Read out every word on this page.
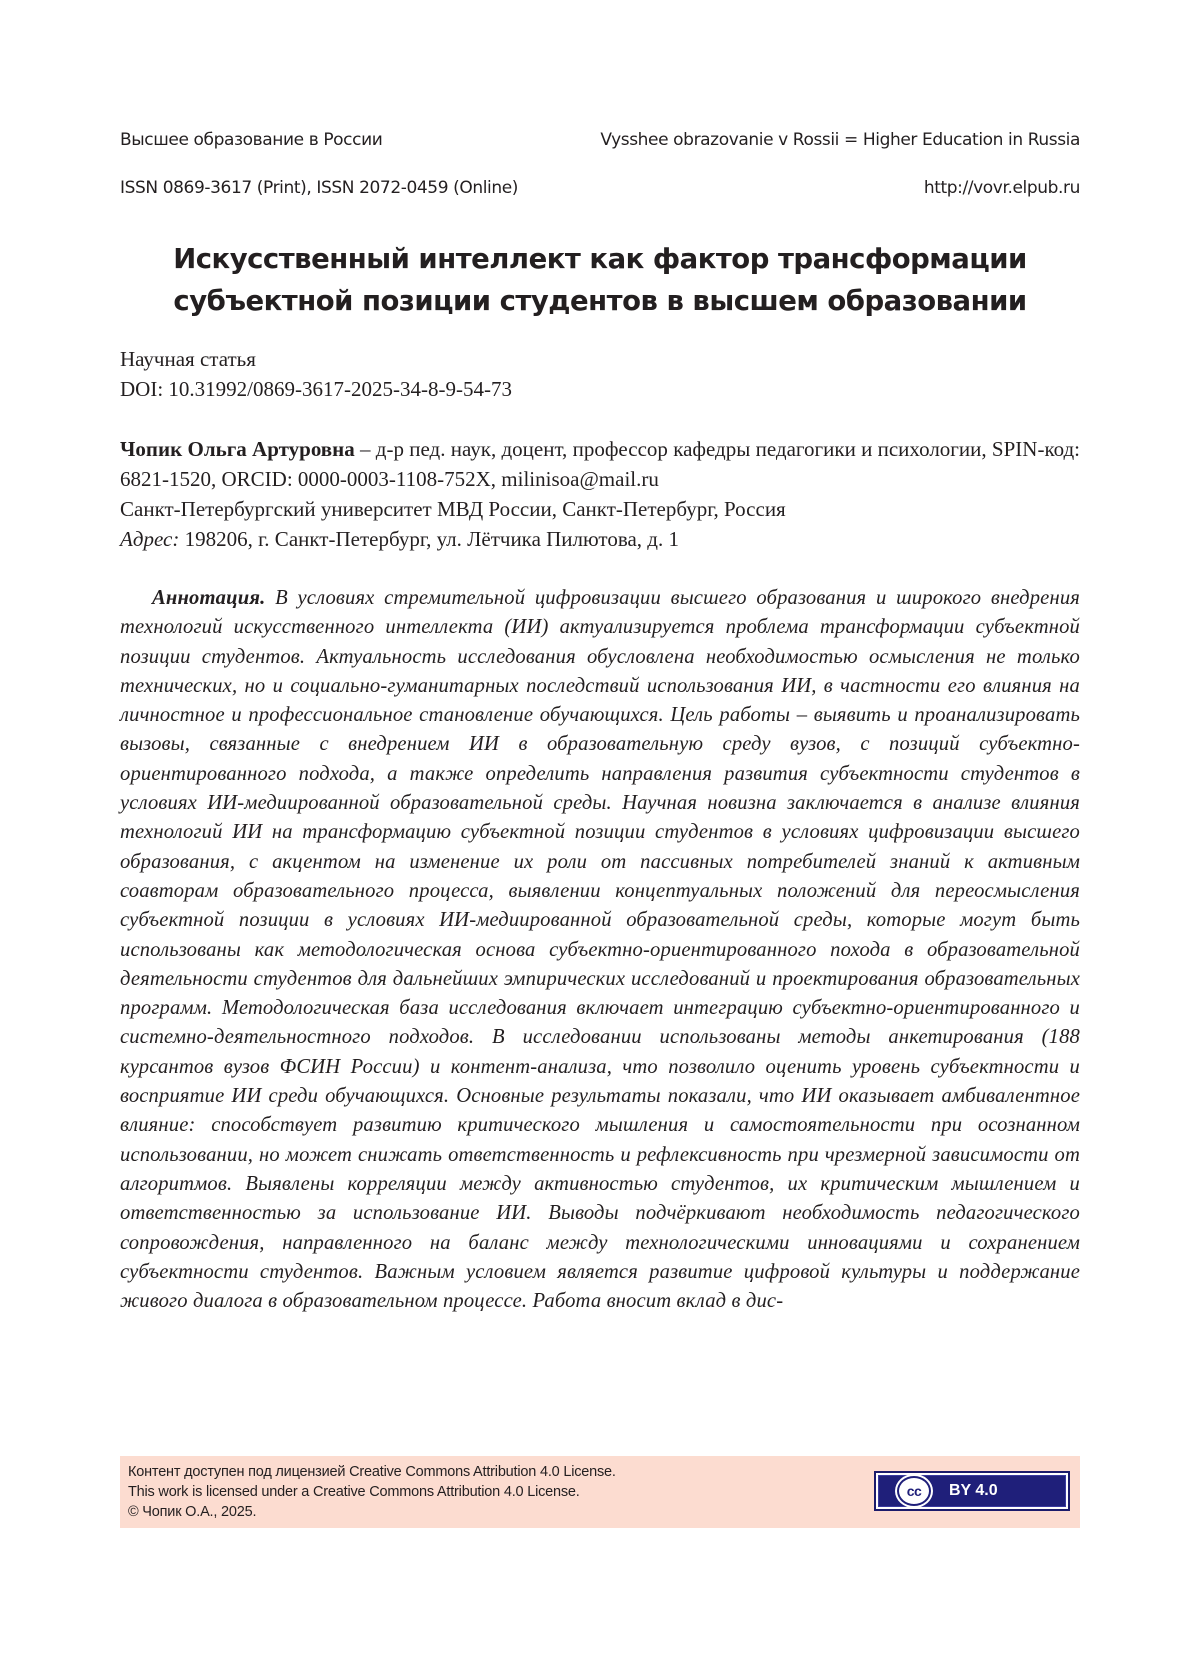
Высшее образование в России	Vysshee obrazovanie v Rossii = Higher Education in Russia
ISSN 0869-3617 (Print), ISSN 2072-0459 (Online)	http://vovr.elpub.ru
Искусственный интеллект как фактор трансформации
субъектной позиции студентов в высшем образовании
Научная статья
DOI: 10.31992/0869-3617-2025-34-8-9-54-73

Чопик Ольга Артуровна – д-р пед. наук, доцент, профессор кафедры педагогики и психологии, SPIN-код: 6821-1520, ORCID: 0000-0003-1108-752X, milinisoa@mail.ru

Санкт-Петербургский университет МВД России, Санкт-Петербург, Россия

Адрес: 198206, г. Санкт-Петербург, ул. Лётчика Пилютова, д. 1

Аннотация. В условиях стремительной цифровизации высшего образования и широкого внедрения технологий искусственного интеллекта (ИИ) актуализируется проблема трансформации субъектной позиции студентов. Актуальность исследования обусловлена необходимостью осмысления не только технических, но и социально-гуманитарных последствий использования ИИ, в частности его влияния на личностное и профессиональное становление обучающихся. Цель работы – выявить и проанализировать вызовы, связанные с внедрением ИИ в образовательную среду вузов, с позиций субъектно-ориентированного подхода, а также определить направления развития субъектности студентов в условиях ИИ-медиированной образовательной среды. Научная новизна заключается в анализе влияния технологий ИИ на трансформацию субъектной позиции студентов в условиях цифровизации высшего образования, с акцентом на изменение их роли от пассивных потребителей знаний к активным соавторам образовательного процесса, выявлении концептуальных положений для переосмысления субъектной позиции в условиях ИИ-медиированной образовательной среды, которые могут быть использованы как методологическая основа субъектно-ориентированного похода в образовательной деятельности студентов для дальнейших эмпирических исследований и проектирования образовательных программ. Методологическая база исследования включает интеграцию субъектно-ориентированного и системно-деятельностного подходов. В исследовании использованы методы анкетирования (188 курсантов вузов ФСИН России) и контент-анализа, что позволило оценить уровень субъектности и восприятие ИИ среди обучающихся. Основные результаты показали, что ИИ оказывает амбивалентное влияние: способствует развитию критического мышления и самостоятельности при осознанном использовании, но может снижать ответственность и рефлексивность при чрезмерной зависимости от алгоритмов. Выявлены корреляции между активностью студентов, их критическим мышлением и ответственностью за использование ИИ. Выводы подчёркивают необходимость педагогического сопровождения, направленного на баланс между технологическими инновациями и сохранением субъектности студентов. Важным условием является развитие цифровой культуры и поддержание живого диалога в образовательном процессе. Работа вносит вклад в дис-

Контент доступен под лицензией Creative Commons Attribution 4.0 License.
This work is licensed under a Creative Commons Attribution 4.0 License.
© Чопик О.А., 2025.
cc	BY 4.0
